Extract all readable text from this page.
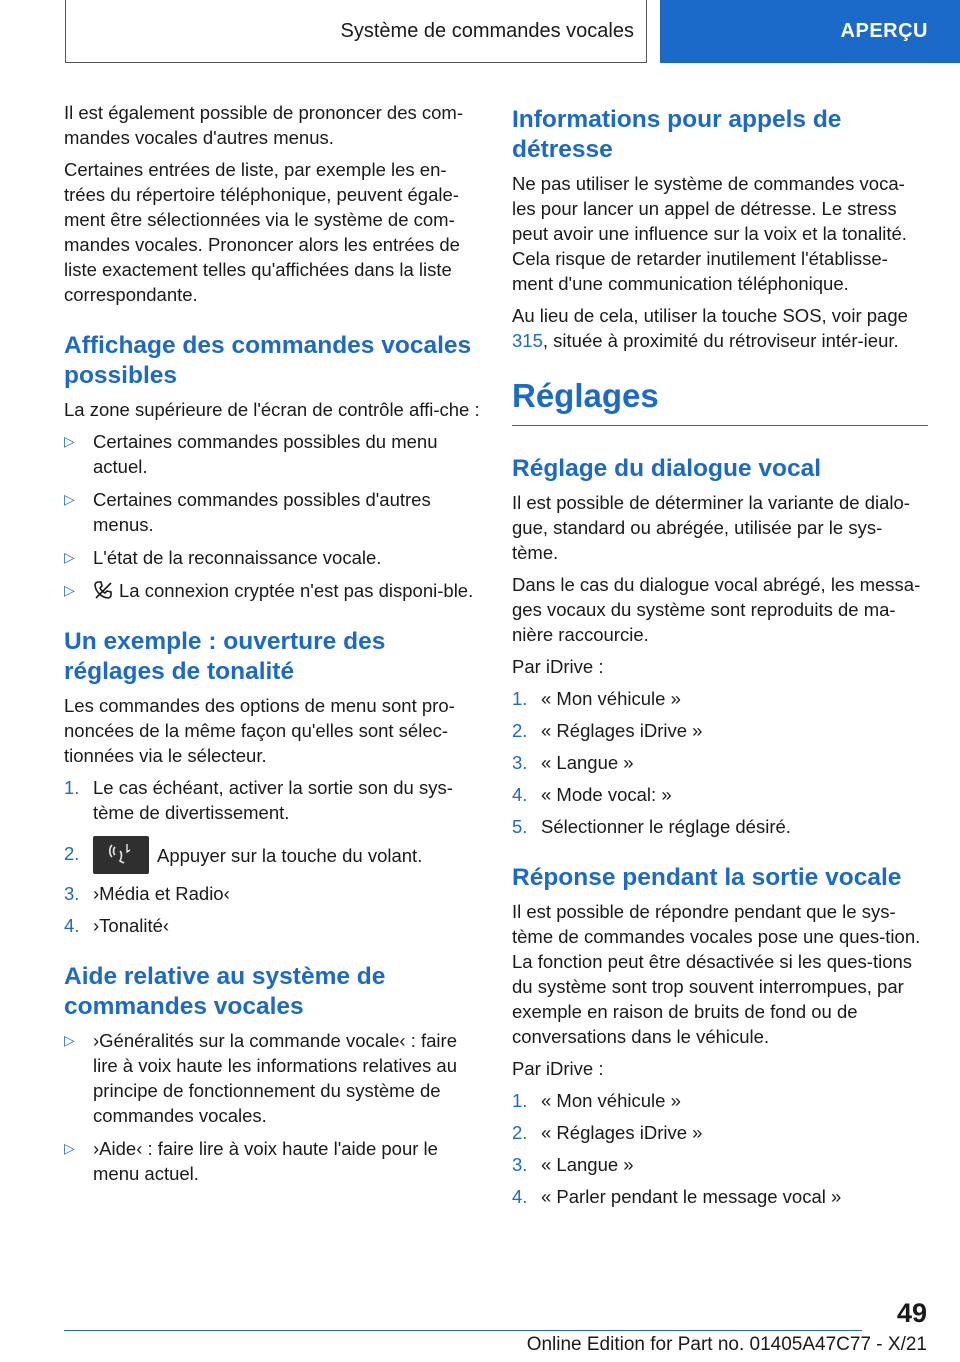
Système de commandes vocales	APERÇU

Il est également possible de prononcer des com-mandes vocales d'autres menus.

Certaines entrées de liste, par exemple les en-trées du répertoire téléphonique, peuvent égale-ment être sélectionnées via le système de com-mandes vocales. Prononcer alors les entrées de liste exactement telles qu'affichées dans la liste correspondante.

Affichage des commandes vocales possibles

La zone supérieure de l'écran de contrôle affi-che :

▷ Certaines commandes possibles du menu actuel.
▷ Certaines commandes possibles d'autres menus.
▷ L'état de la reconnaissance vocale.
▷ La connexion cryptée n'est pas disponi-ble.
Un exemple : ouverture des réglages de tonalité

Les commandes des options de menu sont pro-noncées de la même façon qu'elles sont sélec-tionnées via le sélecteur.

1. Le cas échéant, activer la sortie son du sys-tème de divertissement.
2.	Appuyer sur la touche du volant.
3. ›Média et Radio‹
4. ›Tonalité‹
Aide relative au système de commandes vocales
▷ ›Généralités sur la commande vocale‹ : faire lire à voix haute les informations relatives au principe de fonctionnement du système de commandes vocales.
▷ ›Aide‹ : faire lire à voix haute l'aide pour le menu actuel.
Informations pour appels de détresse

Ne pas utiliser le système de commandes voca-les pour lancer un appel de détresse. Le stress peut avoir une influence sur la voix et la tonalité. Cela risque de retarder inutilement l'établisse-ment d'une communication téléphonique.

Au lieu de cela, utiliser la touche SOS, voir page 315, située à proximité du rétroviseur intér-ieur.

Réglages
Réglage du dialogue vocal

Il est possible de déterminer la variante de dialo-gue, standard ou abrégée, utilisée par le sys-tème.

Dans le cas du dialogue vocal abrégé, les messa-ges vocaux du système sont reproduits de ma-nière raccourcie.

Par iDrive :

1. « Mon véhicule »
2. « Réglages iDrive »
3. « Langue »
4. « Mode vocal: »
5. Sélectionner le réglage désiré.
Réponse pendant la sortie vocale

Il est possible de répondre pendant que le sys-tème de commandes vocales pose une ques-tion. La fonction peut être désactivée si les ques-tions du système sont trop souvent interrompues, par exemple en raison de bruits de fond ou de conversations dans le véhicule.

Par iDrive :

1. « Mon véhicule »
2. « Réglages iDrive »
3. « Langue »
4. « Parler pendant le message vocal »
49
Online Edition for Part no. 01405A47C77 - X/21
